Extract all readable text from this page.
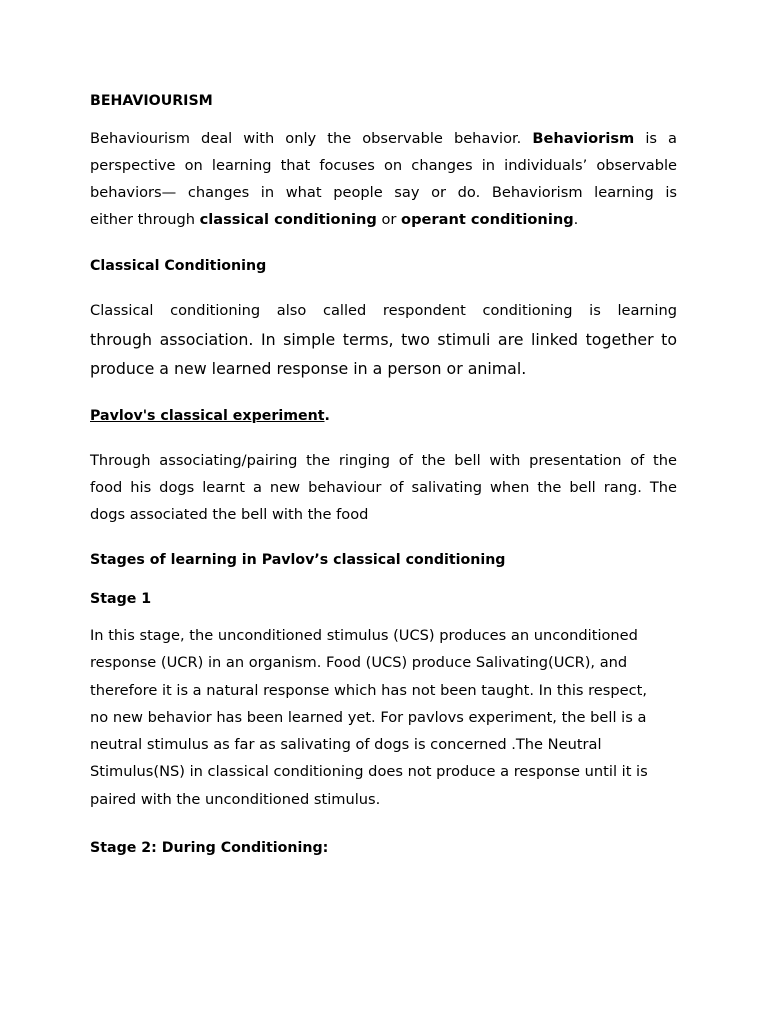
BEHAVIOURISM

Behaviourism deal with only the observable behavior. Behaviorism is a
perspective on learning that focuses on changes in individuals’ observable
behaviors— changes in what people say or do. Behaviorism learning is
either through classical conditioning or operant conditioning.

Classical Conditioning

Classical conditioning also called respondent conditioning is learning
through association. In simple terms, two stimuli are linked together to
produce a new learned response in a person or animal.

Pavlov's classical experiment.

Through associating/pairing the ringing of the bell with presentation of the
food his dogs learnt a new behaviour of salivating when the bell rang. The
dogs associated the bell with the food

Stages of learning in Pavlov’s classical conditioning
Stage 1

In this stage, the unconditioned stimulus (UCS) produces an unconditioned
response (UCR) in an organism. Food (UCS) produce Salivating(UCR), and
therefore it is a natural response which has not been taught. In this respect,
no new behavior has been learned yet. For pavlovs experiment, the bell is a
neutral stimulus as far as salivating of dogs is concerned .The Neutral
Stimulus(NS) in classical conditioning does not produce a response until it is
paired with the unconditioned stimulus.

Stage 2: During Conditioning:
